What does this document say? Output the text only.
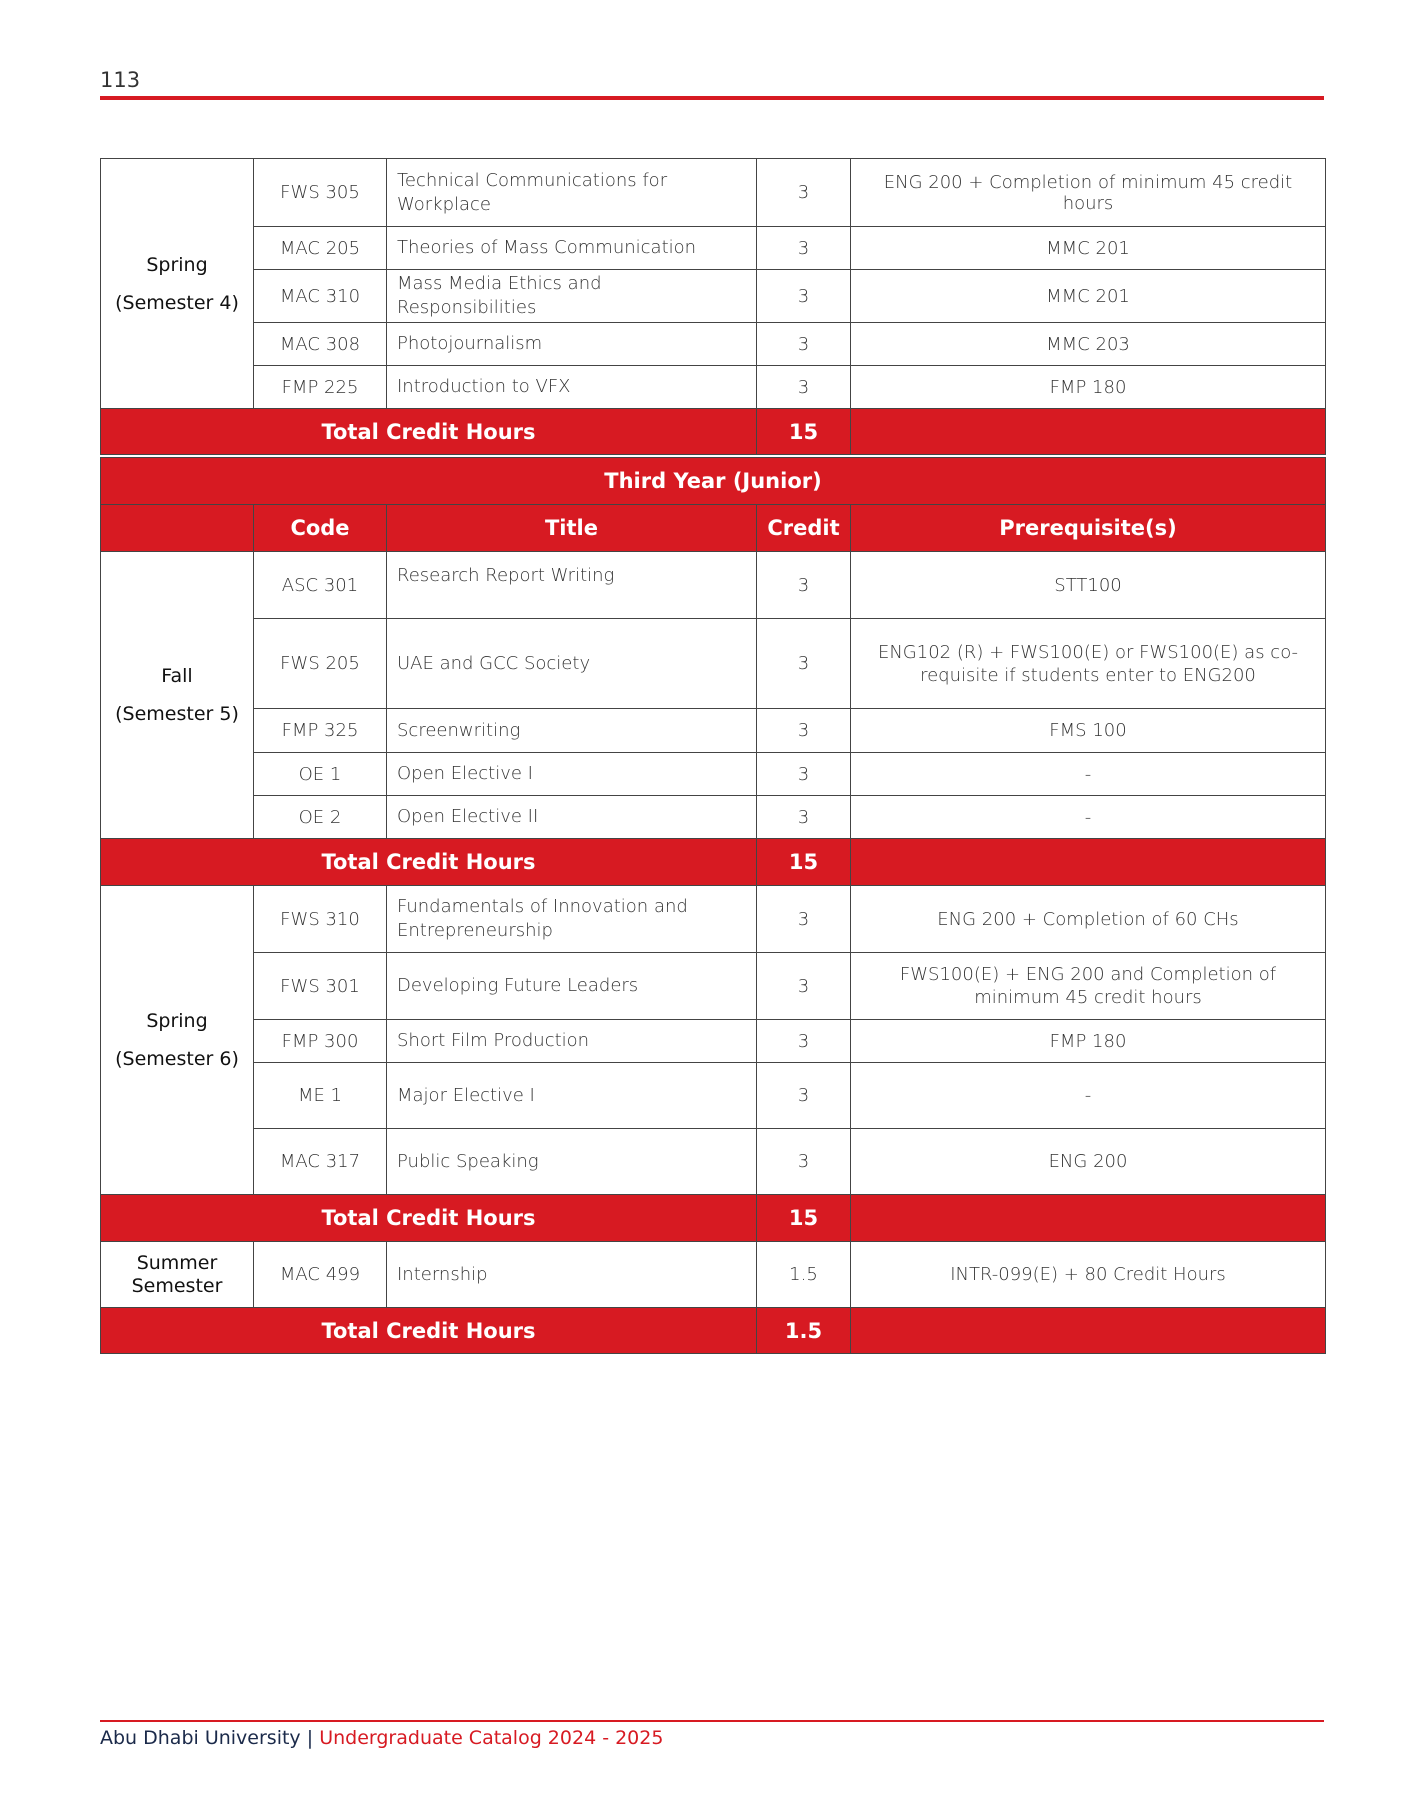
113
Spring
(Semester 4)	FWS 305	Technical Communications for Workplace	3	ENG 200 + Completion of minimum 45 credit hours
	MAC 205	Theories of Mass Communication	3	MMC 201
	MAC 310	Mass Media Ethics and Responsibilities	3	MMC 201
	MAC 308	Photojournalism	3	MMC 203
	FMP 225	Introduction to VFX	3	FMP 180
Total Credit Hours			15	
Third Year (Junior)				
	Code	Title	Credit	Prerequisite(s)

Fall
(Semester 5)	ASC 301	Research Report Writing	3	STT100
	FWS 205	UAE and GCC Society	3	ENG102 (R) + FWS100(E) or FWS100(E) as co-requisite if students enter to ENG200
	FMP 325	Screenwriting	3	FMS 100
	OE 1	Open Elective I	3	-
	OE 2	Open Elective II	3	-
Total Credit Hours			15	

Spring
(Semester 6)	FWS 310	Fundamentals of Innovation and Entrepreneurship	3	ENG 200 + Completion of 60 CHs
	FWS 301	Developing Future Leaders	3	FWS100(E) + ENG 200 and Completion of minimum 45 credit hours
	FMP 300	Short Film Production	3	FMP 180
	ME 1	Major Elective I	3	-
	MAC 317	Public Speaking	3	ENG 200
Total Credit Hours			15	

Summer
Semester	MAC 499	Internship	1.5	INTR-099(E) + 80 Credit Hours
Total Credit Hours			1.5	
Abu Dhabi University | Undergraduate Catalog 2024 - 2025
